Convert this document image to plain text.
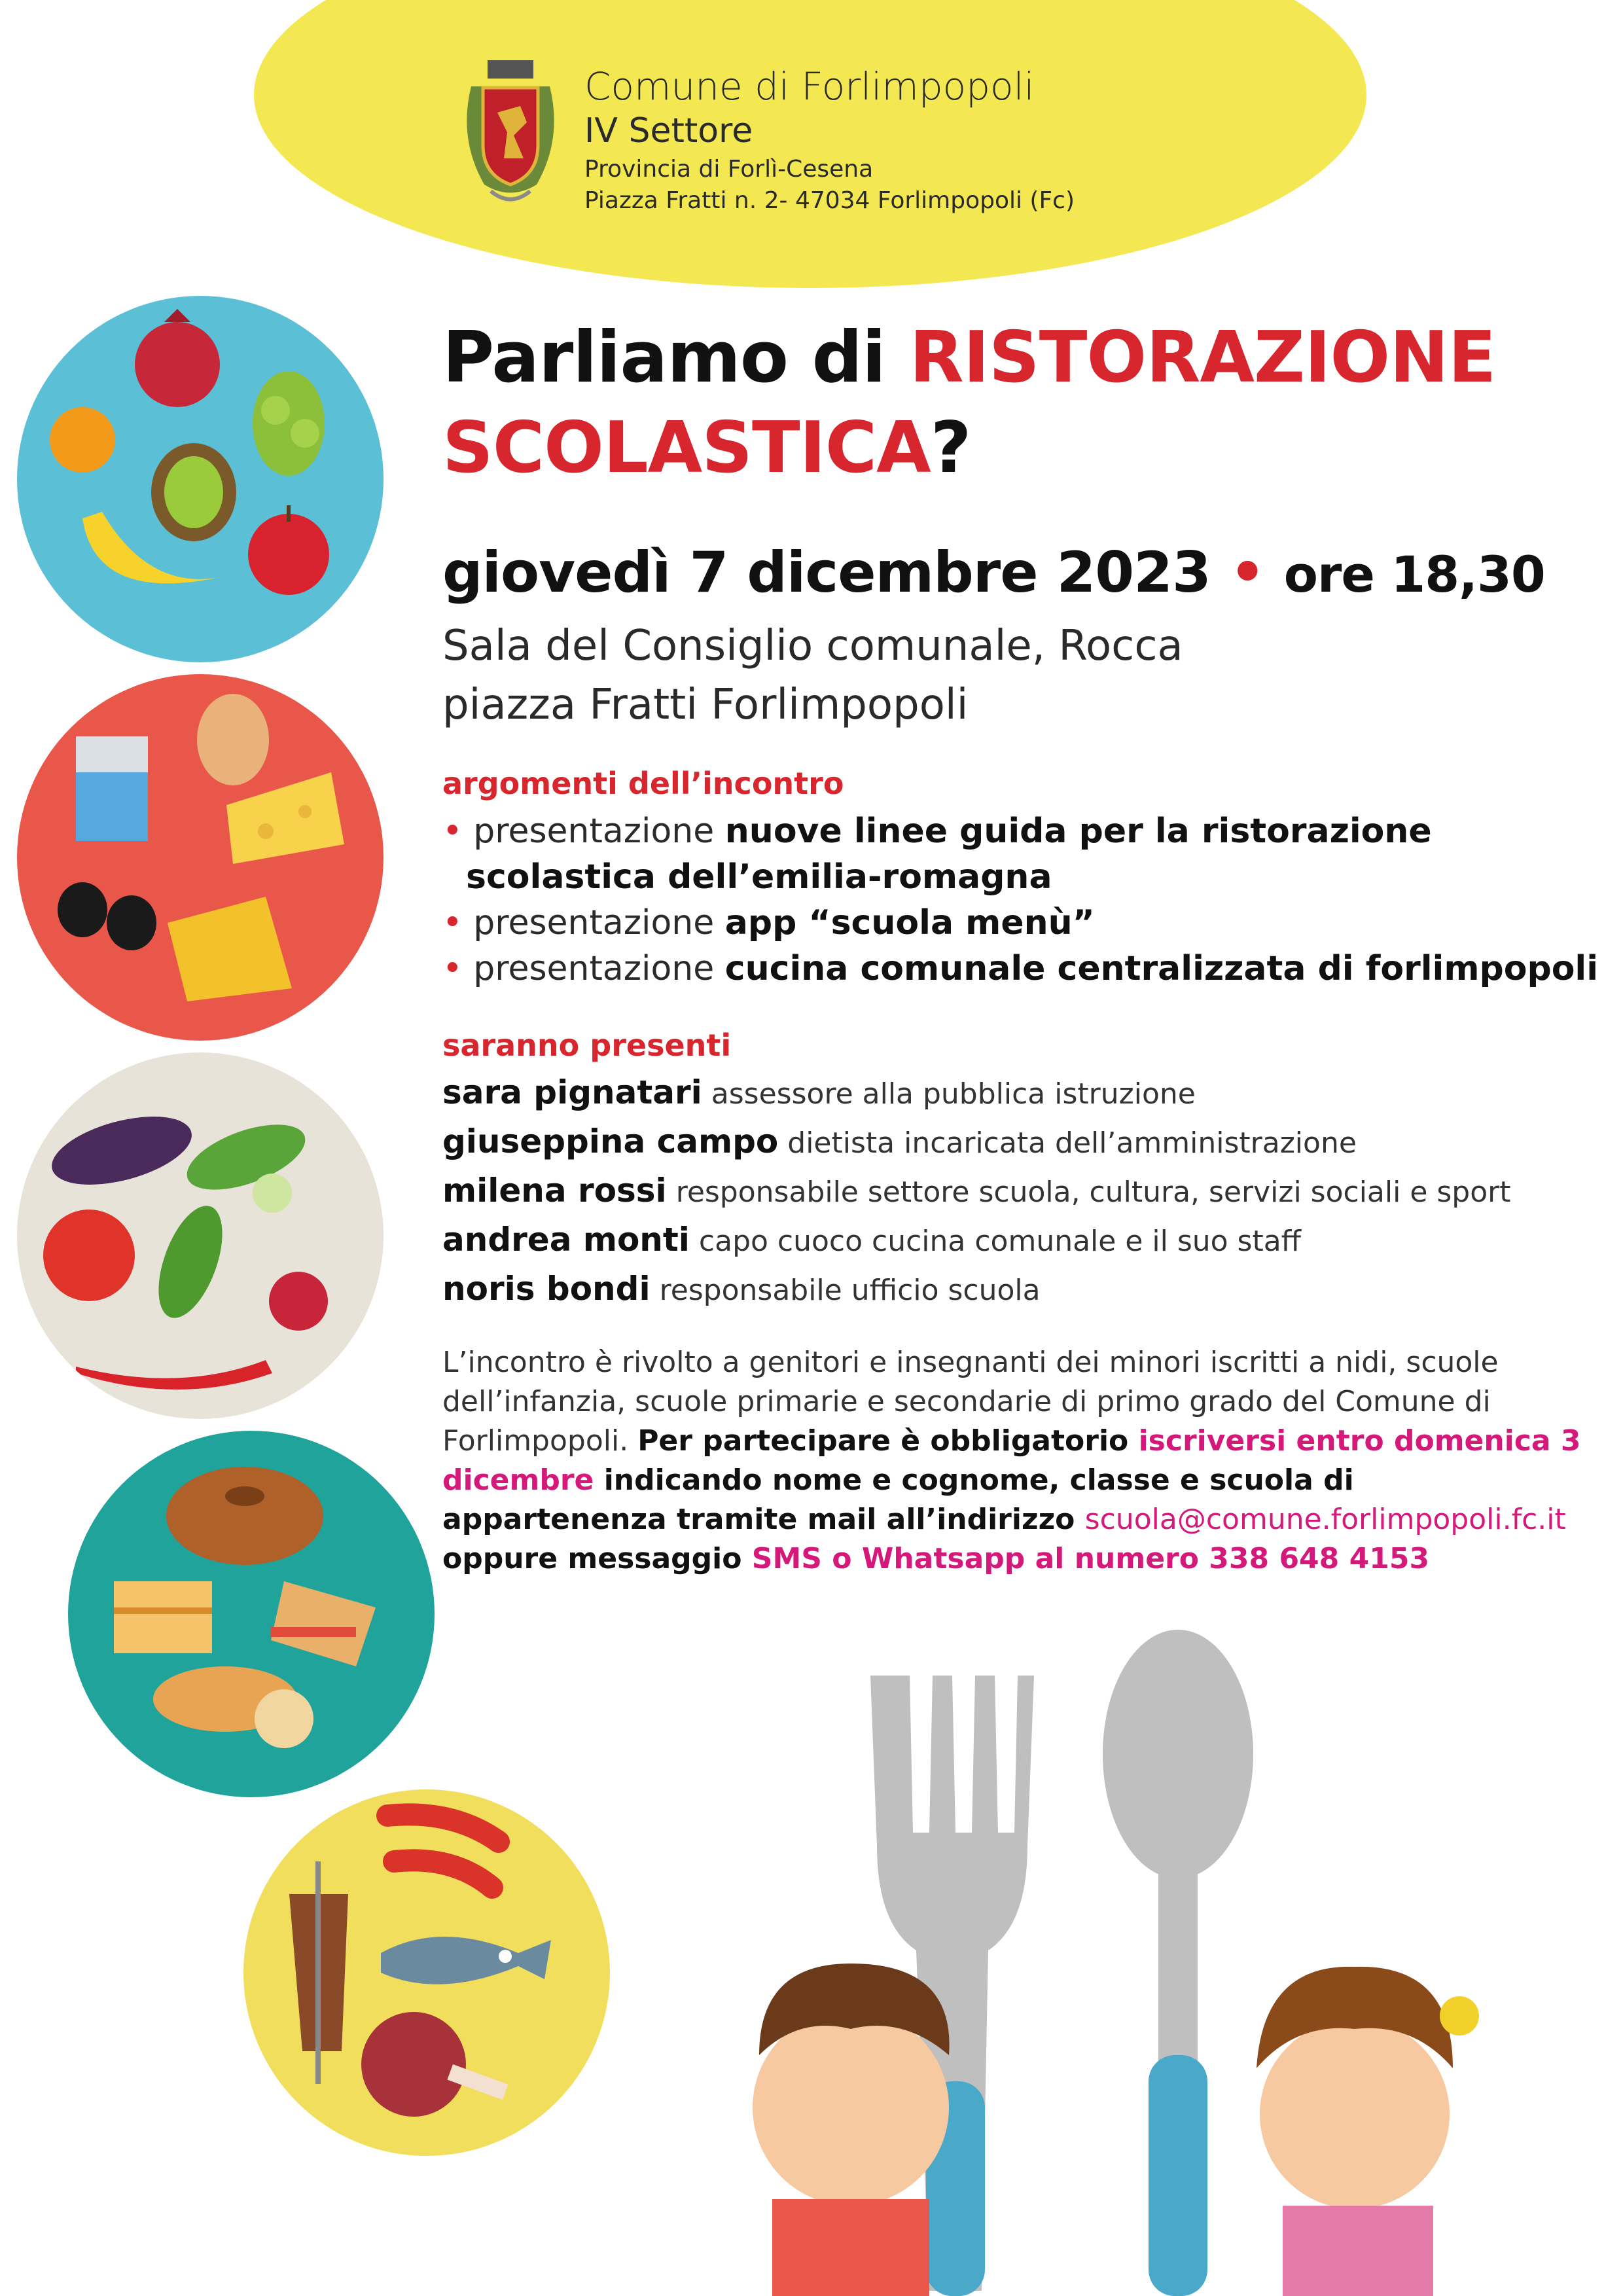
Comune di Forlimpopoli
IV Settore
Provincia di Forlì-Cesena
Piazza Fratti n. 2- 47034 Forlimpopoli (Fc)
Parliamo di RISTORAZIONE
SCOLASTICA?
giovedì 7 dicembre 2023 • ore 18,30
Sala del Consiglio comunale, Rocca
piazza Fratti Forlimpopoli
argomenti dell’incontro
• presentazione nuove linee guida per la ristorazione
scolastica dell’emilia-romagna
• presentazione app “scuola menù”
• presentazione cucina comunale centralizzata di forlimpopoli
saranno presenti
sara pignatari assessore alla pubblica istruzione
giuseppina campo dietista incaricata dell’amministrazione
milena rossi responsabile settore scuola, cultura, servizi sociali e sport
andrea monti capo cuoco cucina comunale e il suo staff
noris bondi responsabile ufficio scuola
L’incontro è rivolto a genitori e insegnanti dei minori iscritti a nidi, scuole dell’infanzia, scuole primarie e secondarie di primo grado del Comune di Forlimpopoli. Per partecipare è obbligatorio iscriversi entro domenica 3 dicembre indicando nome e cognome, classe e scuola di appartenenza tramite mail all’indirizzo scuola@comune.forlimpopoli.fc.it oppure messaggio SMS o Whatsapp al numero 338 648 4153
